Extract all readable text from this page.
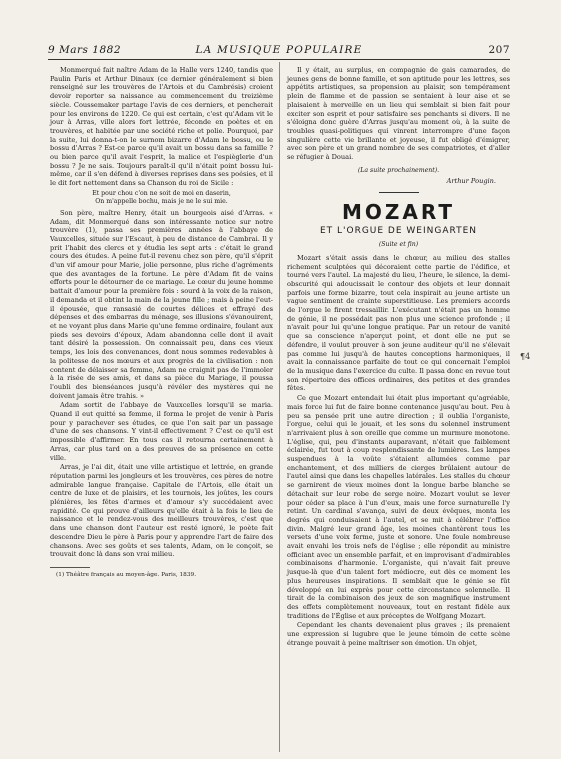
9 Mars 1882	LA MUSIQUE POPULAIRE	207

Monmerqué fait naître Adam de la Halle vers 1240, tandis que Paulin Paris et Arthur Dinaux (ce dernier généralement si bien renseigné sur les trouvères de l'Artois et du Cambrésis) croient devoir reporter sa naissance au commencement du treizième siècle. Coussemaker partage l'avis de ces derniers, et pencherait pour les environs de 1220. Ce qui est certain, c'est qu'Adam vit le jour à Arras, ville alors fort lettrée, féconde en poètes et en trouvères, et habitée par une société riche et polie. Pourquoi, par la suite, lui donna-t-on le surnom bizarre d'Adam le bossu, ou le bossu d'Arras ? Est-ce parce qu'il avait un bossu dans sa famille ? ou bien parce qu'il avait l'esprit, la malice et l'espièglerie d'un bossu ? Je ne sais. Toujours paraît-il qu'il n'était point bossu lui-même, car il s'en défend à diverses reprises dans ses poésies, et il le dit fort nettement dans sa Chanson du roi de Sicile :

Et pour chou c'on ne soit de moi en daserin,
On m'appelle bochu, mais je ne le sui mie.

Son père, maître Henry, était un bourgeois aisé d'Arras. « Adam, dit Monmerqué dans son intéressante notice sur notre trouvère (1), passa ses premières années à l'abbaye de Vauxcelles, située sur l'Escaut, à peu de distance de Cambrai. Il y prit l'habit des clercs et y étudia les sept arts : c'était le grand cours des études. A peine fut-il revenu chez son père, qu'il s'éprit d'un vif amour pour Marie, jolie personne, plus riche d'agréments que des avantages de la fortune. Le père d'Adam fit de vains efforts pour le détourner de ce mariage. Le cœur du jeune homme battait d'amour pour la première fois : sourd à la voix de la raison, il demanda et il obtint la main de la jeune fille ; mais à peine l'eut-il épousée, que ransasié de courtes délices et effrayé des dépenses et des embarras du ménage, ses illusions s'évanouirent, et ne voyant plus dans Marie qu'une femme ordinaire, foulant aux pieds ses devoirs d'époux, Adam abandonna celle dont il avait tant désiré la possession. On connaissait peu, dans ces vieux temps, les lois des convenances, dont nous sommes redevables à la politesse de nos mœurs et aux progrès de la civilisation : non content de délaisser sa femme, Adam ne craignit pas de l'immoler à la risée de ses amis, et dans sa pièce du Mariage, il poussa l'oubli des bienséances jusqu'à révéler des mystères qui ne doivent jamais être trahis. »

Adam sortit de l'abbaye de Vauxcelles lorsqu'il se maria. Quand il eut quitté sa femme, il forma le projet de venir à Paris pour y parachever ses études, ce que l'on sait par un passage d'une de ses chansons. Y vint-il effectivement ? C'est ce qu'il est impossible d'affirmer. En tous cas il retourna certainement à Arras, car plus tard on a des preuves de sa présence en cette ville.

Arras, je l'ai dit, était une ville artistique et lettrée, en grande réputation parmi les jongleurs et les trouvères, ces pères de notre admirable langue française. Capitale de l'Artois, elle était un centre de luxe et de plaisirs, et les tournois, les joûtes, les cours plénières, les fêtes d'armes et d'amour s'y succédaient avec rapidité. Ce qui prouve d'ailleurs qu'elle était à la fois le lieu de naissance et le rendez-vous des meilleurs trouvères, c'est que dans une chanson dont l'auteur est resté ignoré, le poète fait descendre Dieu le père à Paris pour y apprendre l'art de faire des chansons. Avec ses goûts et ses talents, Adam, on le conçoit, se trouvait donc là dans son vrai milieu.

(1) Théâtre français au moyen-âge. Paris, 1839.

Il y était, au surplus, en compagnie de gais camarades, de jeunes gens de bonne famille, et son aptitude pour les lettres, ses appétits artistiques, sa propension au plaisir, son tempérament plein de flamme et de passion se sentaient à leur aise et se plaisaient à merveille en un lieu qui semblait si bien fait pour exciter son esprit et pour satisfaire ses penchants si divers. Il ne s'éloigna donc guère d'Arras jusqu'au moment où, à la suite de troubles quasi-politiques qui vinrent interrompre d'une façon singulière cette vie brillante et joyeuse, il fut obligé d'émigrer, avec son père et un grand nombre de ses compatriotes, et d'aller se réfugier à Douai.

(La suite prochainement).

Arthur Pougin.

MOZART
ET L'ORGUE DE WEINGARTEN
(Suite et fin)

Mozart s'était assis dans le chœur, au milieu des stalles richement sculptées qui décoraient cette partie de l'édifice, et tourné vers l'autel. La majesté du lieu, l'heure, le silence, la demi-obscurité qui adoucissait le contour des objets et leur donnait parfois une forme bizarre, tout cela inspirait au jeune artiste un vague sentiment de crainte superstitieuse. Les premiers accords de l'orgue le firent tressaillir. L'exécutant n'était pas un homme de génie, il ne possédait pas non plus une science profonde ; il n'avait pour lui qu'une longue pratique. Par un retour de vanité que sa conscience n'aperçut point, et dont elle ne put se défendre, il voulut prouver à son jeune auditeur qu'il ne s'élevait pas comme lui jusqu'à de hautes conceptions harmoniques, il avait la connaissance parfaite de tout ce qui concernait l'emploi de la musique dans l'exercice du culte. Il passa donc en revue tout son répertoire des offices ordinaires, des petites et des grandes fêtes.

Ce que Mozart entendait lui était plus important qu'agréable, mais force lui fut de faire bonne contenance jusqu'au bout. Peu à peu sa pensée prit une autre direction ; il oublia l'organiste, l'orgue, celui qui le jouait, et les sons du solennel instrument n'arrivaient plus à son oreille que comme un murmure monotone. L'église, qui, peu d'instants auparavant, n'était que faiblement éclairée, fut tout à coup resplendissante de lumières. Les lampes suspendues à la voûte s'étaient allumées comme par enchantement, et des milliers de cierges brûlaient autour de l'autel ainsi que dans les chapelles latérales. Les stalles du chœur se garnirent de vieux moines dont la longue barbe blanche se détachait sur leur robe de serge noire. Mozart voulut se lever pour céder sa place à l'un d'eux, mais une force surnaturelle l'y retint. Un cardinal s'avança, suivi de deux évêques, monta les degrés qui conduisaient à l'autel, et se mit à célébrer l'office divin. Malgré leur grand âge, les moines chantèrent tous les versets d'une voix ferme, juste et sonore. Une foule nombreuse avait envahi les trois nefs de l'église ; elle répondit au ministre officiant avec un ensemble parfait, et en improvisant d'admirables combinaisons d'harmonie. L'organiste, qui n'avait fait preuve jusque-là que d'un talent fort médiocre, eut dès ce moment les plus heureuses inspirations. Il semblait que le génie se fût développé en lui exprès pour cette circonstance solennelle. Il tirait de la combinaison des jeux de son magnifique instrument des effets complètement nouveaux, tout en restant fidèle aux traditions de l'Église et aux préceptes de Wolfgang Mozart.

Cependant les chants devenaient plus graves ; ils prenaient une expression si lugubre que le jeune témoin de cette scène étrange pouvait à peine maîtriser son émotion. Un objet,

¶4
